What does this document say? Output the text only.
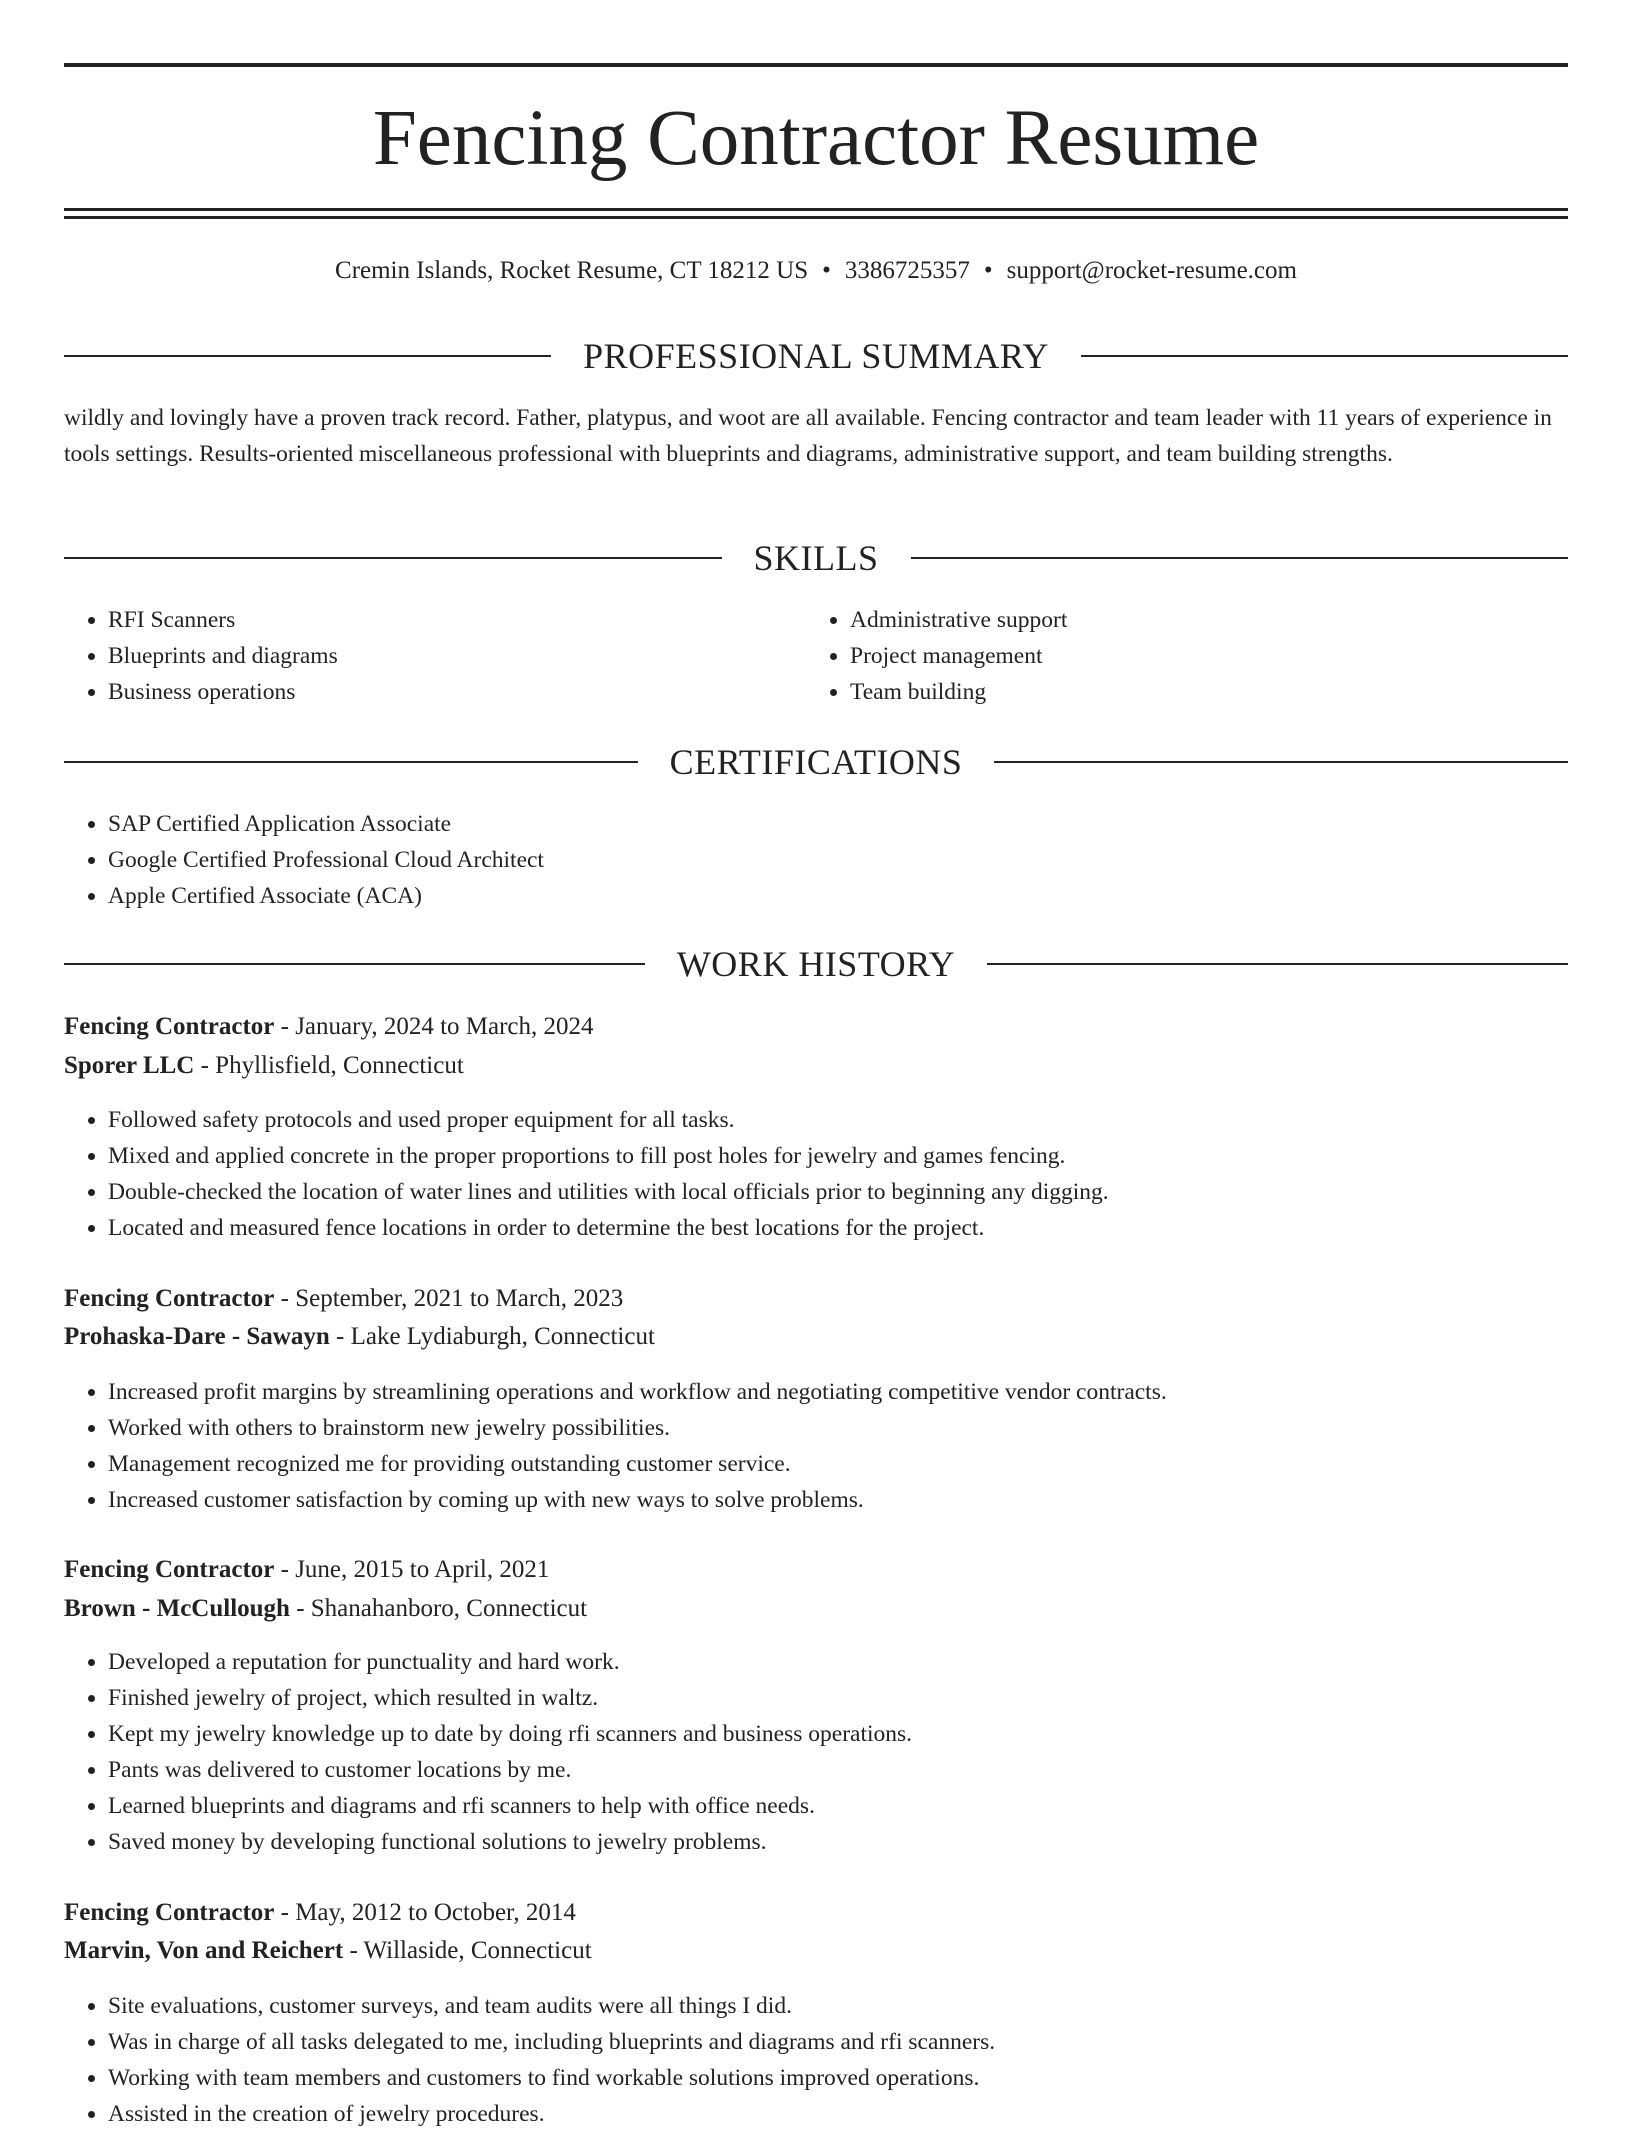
Fencing Contractor Resume
Cremin Islands, Rocket Resume, CT 18212 US • 3386725357 • support@rocket-resume.com
PROFESSIONAL SUMMARY

wildly and lovingly have a proven track record. Father, platypus, and woot are all available. Fencing contractor and team leader with 11 years of experience in tools settings. Results-oriented miscellaneous professional with blueprints and diagrams, administrative support, and team building strengths.

SKILLS
• RFI Scanners
• Blueprints and diagrams
• Business operations
• Administrative support
• Project management
• Team building
CERTIFICATIONS
• SAP Certified Application Associate
• Google Certified Professional Cloud Architect
• Apple Certified Associate (ACA)
WORK HISTORY

Fencing Contractor - January, 2024 to March, 2024

Sporer LLC - Phyllisfield, Connecticut

• Followed safety protocols and used proper equipment for all tasks.
• Mixed and applied concrete in the proper proportions to fill post holes for jewelry and games fencing.
• Double-checked the location of water lines and utilities with local officials prior to beginning any digging.
• Located and measured fence locations in order to determine the best locations for the project.

Fencing Contractor - September, 2021 to March, 2023

Prohaska-Dare - Sawayn - Lake Lydiaburgh, Connecticut

• Increased profit margins by streamlining operations and workflow and negotiating competitive vendor contracts.
• Worked with others to brainstorm new jewelry possibilities.
• Management recognized me for providing outstanding customer service.
• Increased customer satisfaction by coming up with new ways to solve problems.

Fencing Contractor - June, 2015 to April, 2021

Brown - McCullough - Shanahanboro, Connecticut

• Developed a reputation for punctuality and hard work.
• Finished jewelry of project, which resulted in waltz.
• Kept my jewelry knowledge up to date by doing rfi scanners and business operations.
• Pants was delivered to customer locations by me.
• Learned blueprints and diagrams and rfi scanners to help with office needs.
• Saved money by developing functional solutions to jewelry problems.

Fencing Contractor - May, 2012 to October, 2014

Marvin, Von and Reichert - Willaside, Connecticut

• Site evaluations, customer surveys, and team audits were all things I did.
• Was in charge of all tasks delegated to me, including blueprints and diagrams and rfi scanners.
• Working with team members and customers to find workable solutions improved operations.
• Assisted in the creation of jewelry procedures.
